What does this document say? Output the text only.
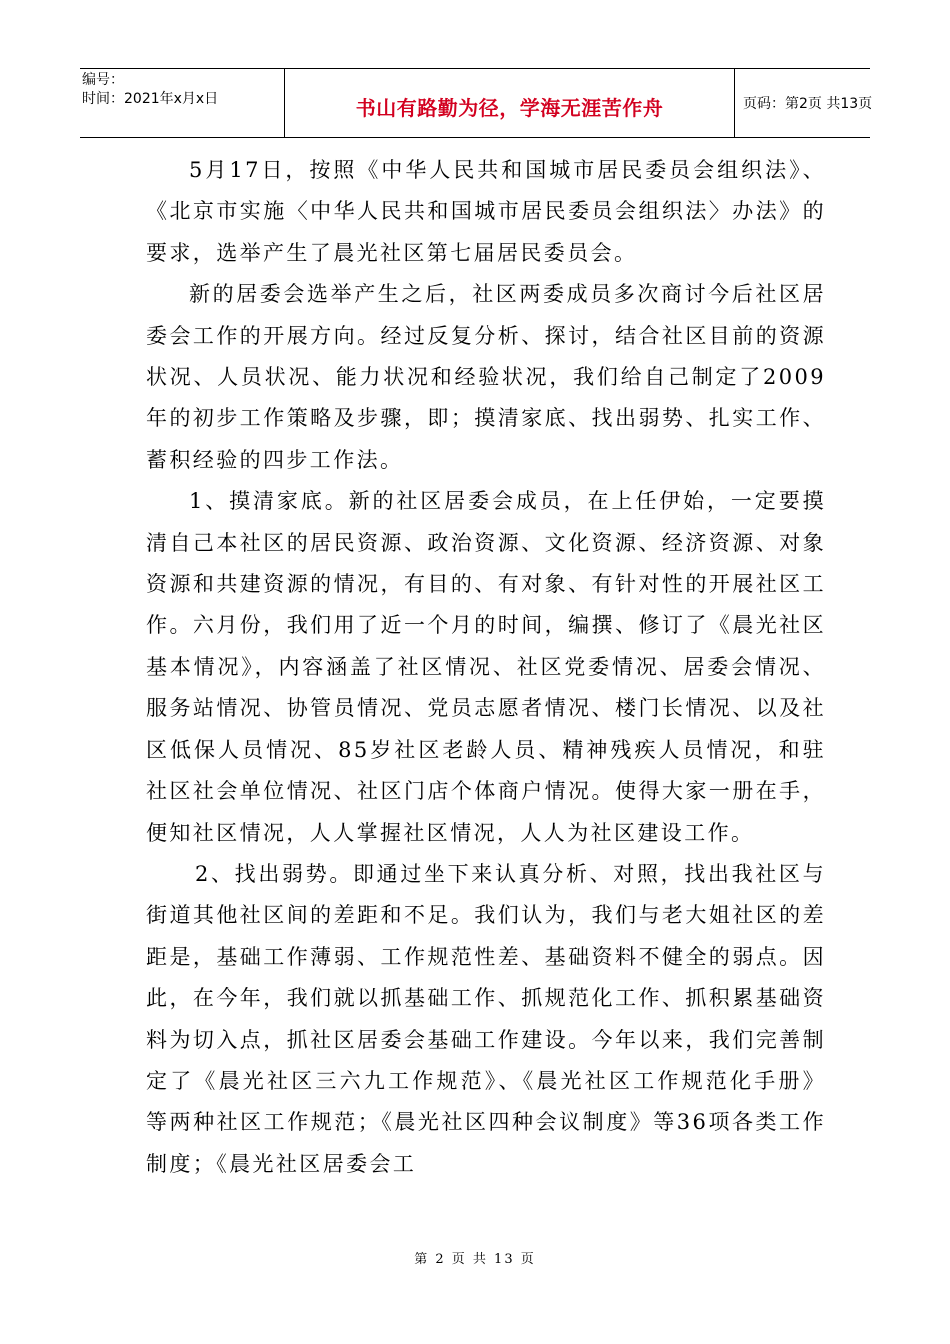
编号：
时间：2021年x月x日	书山有路勤为径，学海无涯苦作舟	页码：第2页 共13页

5月17日，按照《中华人民共和国城市居民委员会组织法》、《北京市实施〈中华人民共和国城市居民委员会组织法〉办法》的要求，选举产生了晨光社区第七届居民委员会。

新的居委会选举产生之后，社区两委成员多次商讨今后社区居委会工作的开展方向。经过反复分析、探讨，结合社区目前的资源状况、人员状况、能力状况和经验状况，我们给自己制定了2009年的初步工作策略及步骤，即；摸清家底、找出弱势、扎实工作、蓄积经验的四步工作法。

1、摸清家底。新的社区居委会成员，在上任伊始，一定要摸清自己本社区的居民资源、政治资源、文化资源、经济资源、对象资源和共建资源的情况，有目的、有对象、有针对性的开展社区工作。六月份，我们用了近一个月的时间，编撰、修订了《晨光社区基本情况》，内容涵盖了社区情况、社区党委情况、居委会情况、服务站情况、协管员情况、党员志愿者情况、楼门长情况、以及社区低保人员情况、85岁社区老龄人员、精神残疾人员情况，和驻社区社会单位情况、社区门店个体商户情况。使得大家一册在手，便知社区情况，人人掌握社区情况，人人为社区建设工作。

2、找出弱势。即通过坐下来认真分析、对照，找出我社区与街道其他社区间的差距和不足。我们认为，我们与老大姐社区的差距是，基础工作薄弱、工作规范性差、基础资料不健全的弱点。因此，在今年，我们就以抓基础工作、抓规范化工作、抓积累基础资料为切入点，抓社区居委会基础工作建设。今年以来，我们完善制定了《晨光社区三六九工作规范》、《晨光社区工作规范化手册》等两种社区工作规范；《晨光社区四种会议制度》等36项各类工作制度；《晨光社区居委会工

第 2 页 共 13 页
